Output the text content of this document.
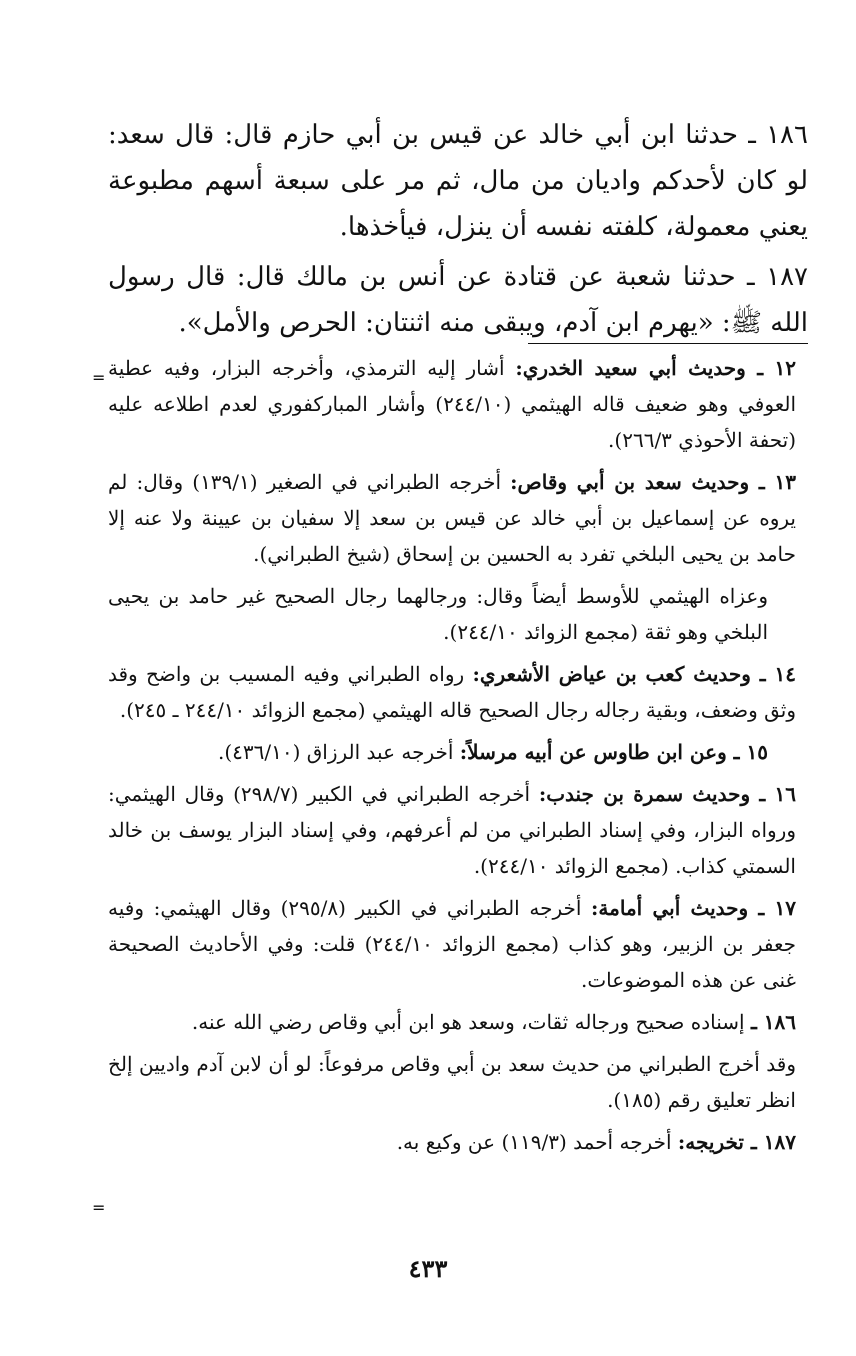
١٨٦ ـ حدثنا ابن أبي خالد عن قيس بن أبي حازم قال: قال سعد: لو كان لأحدكم واديان من مال، ثم مر على سبعة أسهم مطبوعة يعني معمولة، كلفته نفسه أن ينزل، فيأخذها.

١٨٧ ـ حدثنا شعبة عن قتادة عن أنس بن مالك قال: قال رسول الله ﷺ: «يهرم ابن آدم، ويبقى منه اثنتان: الحرص والأمل».

=	١٢ ـ وحديث أبي سعيد الخدري: أشار إليه الترمذي، وأخرجه البزار، وفيه عطية العوفي وهو ضعيف قاله الهيثمي (٢٤٤/١٠) وأشار المباركفوري لعدم اطلاعه عليه (تحفة الأحوذي ٢٦٦/٣).

١٣ ـ وحديث سعد بن أبي وقاص: أخرجه الطبراني في الصغير (١٣٩/١) وقال: لم يروه عن إسماعيل بن أبي خالد عن قيس بن سعد إلا سفيان بن عيينة ولا عنه إلا حامد بن يحيى البلخي تفرد به الحسين بن إسحاق (شيخ الطبراني).

وعزاه الهيثمي للأوسط أيضاً وقال: ورجالهما رجال الصحيح غير حامد بن يحيى البلخي وهو ثقة (مجمع الزوائد ٢٤٤/١٠).

١٤ ـ وحديث كعب بن عياض الأشعري: رواه الطبراني وفيه المسيب بن واضح وقد وثق وضعف، وبقية رجاله رجال الصحيح قاله الهيثمي (مجمع الزوائد ٢٤٤/١٠ ـ ٢٤٥).

١٥ ـ وعن ابن طاوس عن أبيه مرسلاً: أخرجه عبد الرزاق (٤٣٦/١٠).

١٦ ـ وحديث سمرة بن جندب: أخرجه الطبراني في الكبير (٢٩٨/٧) وقال الهيثمي: ورواه البزار، وفي إسناد الطبراني من لم أعرفهم، وفي إسناد البزار يوسف بن خالد السمتي كذاب. (مجمع الزوائد ٢٤٤/١٠).

١٧ ـ وحديث أبي أمامة: أخرجه الطبراني في الكبير (٢٩٥/٨) وقال الهيثمي: وفيه جعفر بن الزبير، وهو كذاب (مجمع الزوائد ٢٤٤/١٠) قلت: وفي الأحاديث الصحيحة غنى عن هذه الموضوعات.

١٨٦ ـ إسناده صحيح ورجاله ثقات، وسعد هو ابن أبي وقاص رضي الله عنه.

وقد أخرج الطبراني من حديث سعد بن أبي وقاص مرفوعاً: لو أن لابن آدم واديين إلخ انظر تعليق رقم (١٨٥).

١٨٧ ـ تخريجه: أخرجه أحمد (١١٩/٣) عن وكيع به.

=
٤٣٣
